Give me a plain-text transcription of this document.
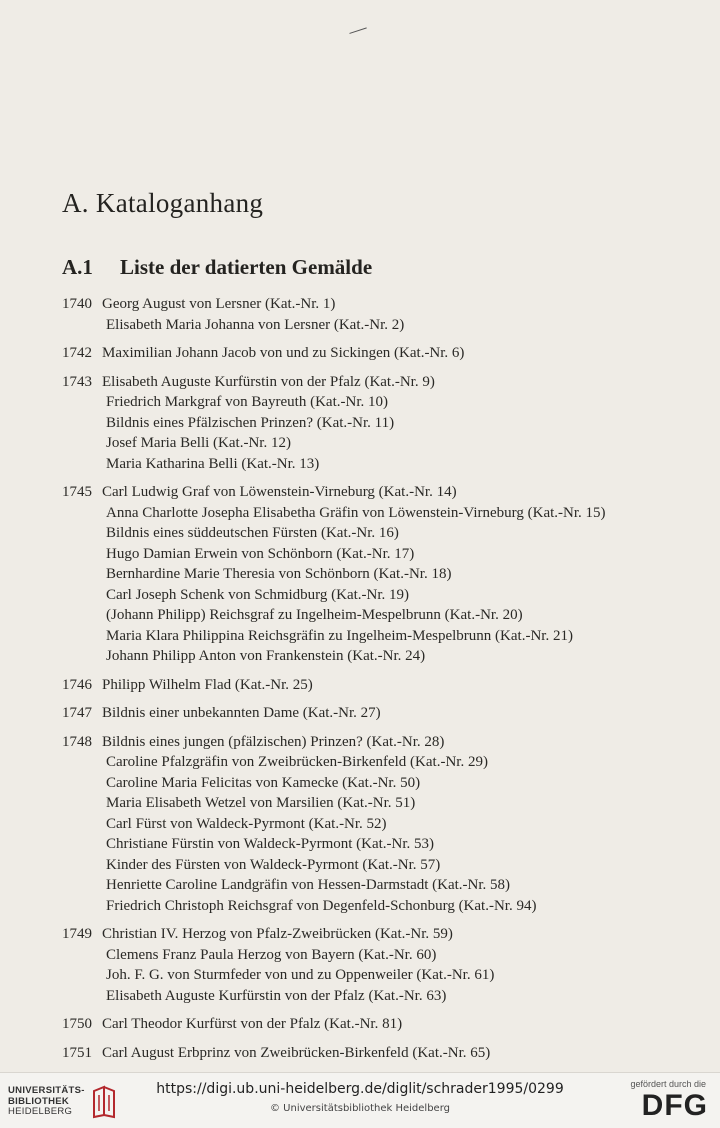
A. Kataloganhang
A.1 Liste der datierten Gemälde
1740 Georg August von Lersner (Kat.-Nr. 1)
Elisabeth Maria Johanna von Lersner (Kat.-Nr. 2)
1742 Maximilian Johann Jacob von und zu Sickingen (Kat.-Nr. 6)
1743 Elisabeth Auguste Kurfürstin von der Pfalz (Kat.-Nr. 9)
Friedrich Markgraf von Bayreuth (Kat.-Nr. 10)
Bildnis eines Pfälzischen Prinzen? (Kat.-Nr. 11)
Josef Maria Belli (Kat.-Nr. 12)
Maria Katharina Belli (Kat.-Nr. 13)
1745 Carl Ludwig Graf von Löwenstein-Virneburg (Kat.-Nr. 14)
Anna Charlotte Josepha Elisabetha Gräfin von Löwenstein-Virneburg (Kat.-Nr. 15)
Bildnis eines süddeutschen Fürsten (Kat.-Nr. 16)
Hugo Damian Erwein von Schönborn (Kat.-Nr. 17)
Bernhardine Marie Theresia von Schönborn (Kat.-Nr. 18)
Carl Joseph Schenk von Schmidburg (Kat.-Nr. 19)
(Johann Philipp) Reichsgraf zu Ingelheim-Mespelbrunn (Kat.-Nr. 20)
Maria Klara Philippina Reichsgräfin zu Ingelheim-Mespelbrunn (Kat.-Nr. 21)
Johann Philipp Anton von Frankenstein (Kat.-Nr. 24)
1746 Philipp Wilhelm Flad (Kat.-Nr. 25)
1747 Bildnis einer unbekannten Dame (Kat.-Nr. 27)
1748 Bildnis eines jungen (pfälzischen) Prinzen? (Kat.-Nr. 28)
Caroline Pfalzgräfin von Zweibrücken-Birkenfeld (Kat.-Nr. 29)
Caroline Maria Felicitas von Kamecke (Kat.-Nr. 50)
Maria Elisabeth Wetzel von Marsilien (Kat.-Nr. 51)
Carl Fürst von Waldeck-Pyrmont (Kat.-Nr. 52)
Christiane Fürstin von Waldeck-Pyrmont (Kat.-Nr. 53)
Kinder des Fürsten von Waldeck-Pyrmont (Kat.-Nr. 57)
Henriette Caroline Landgräfin von Hessen-Darmstadt (Kat.-Nr. 58)
Friedrich Christoph Reichsgraf von Degenfeld-Schonburg (Kat.-Nr. 94)
1749 Christian IV. Herzog von Pfalz-Zweibrücken (Kat.-Nr. 59)
Clemens Franz Paula Herzog von Bayern (Kat.-Nr. 60)
Joh. F. G. von Sturmfeder von und zu Oppenweiler (Kat.-Nr. 61)
Elisabeth Auguste Kurfürstin von der Pfalz (Kat.-Nr. 63)
1750 Carl Theodor Kurfürst von der Pfalz (Kat.-Nr. 81)
1751 Carl August Erbprinz von Zweibrücken-Birkenfeld (Kat.-Nr. 65)
UNIVERSITÄTS-
BIBLIOTHEK
HEIDELBERG
https://digi.ub.uni-heidelberg.de/diglit/schrader1995/0299
© Universitätsbibliothek Heidelberg
gefördert durch die
DFG
